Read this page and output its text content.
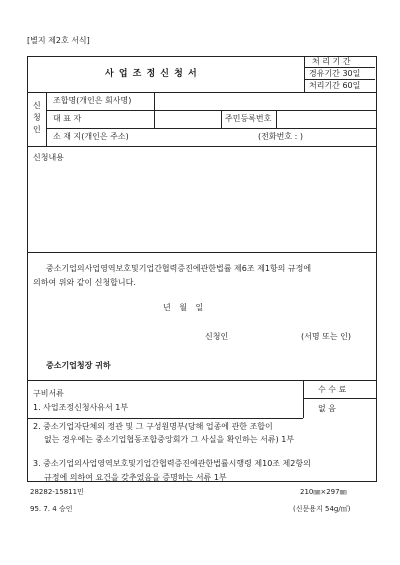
[별지 제2호 서식]
사 업 조 정 신 청 서
처 리 기 간
경유기간 30일
처리기간 60일
신
청
인
조합명(개인은 회사명)
대 표 자	주민등록번호
소 재 지(개인은 주소)	(전화번호 : )
신청내용
중소기업의사업영역보호및기업간협력증진에관한법률 제6조 제1항의 규정에
의하여 위와 같이 신청합니다.
년 월 일
신청인	(서명 또는 인)
중소기업청장 귀하
구비서류
1. 사업조정신청사유서 1부
수 수 료
없 음
2. 중소기업자단체의 정관 및 그 구성원명부(당해 업종에 관한 조합이
없는 경우에는 중소기업협동조합중앙회가 그 사실을 확인하는 서류) 1부
3. 중소기업의사업영역보호및기업간협력증진에관한법률시행령 제10조 제2항의
규정에 의하여 요건을 갖추었음을 증명하는 서류 1부
28282-15811민
95. 7. 4 승인
210㎜×297㎜
(신문용지 54g/㎡)
